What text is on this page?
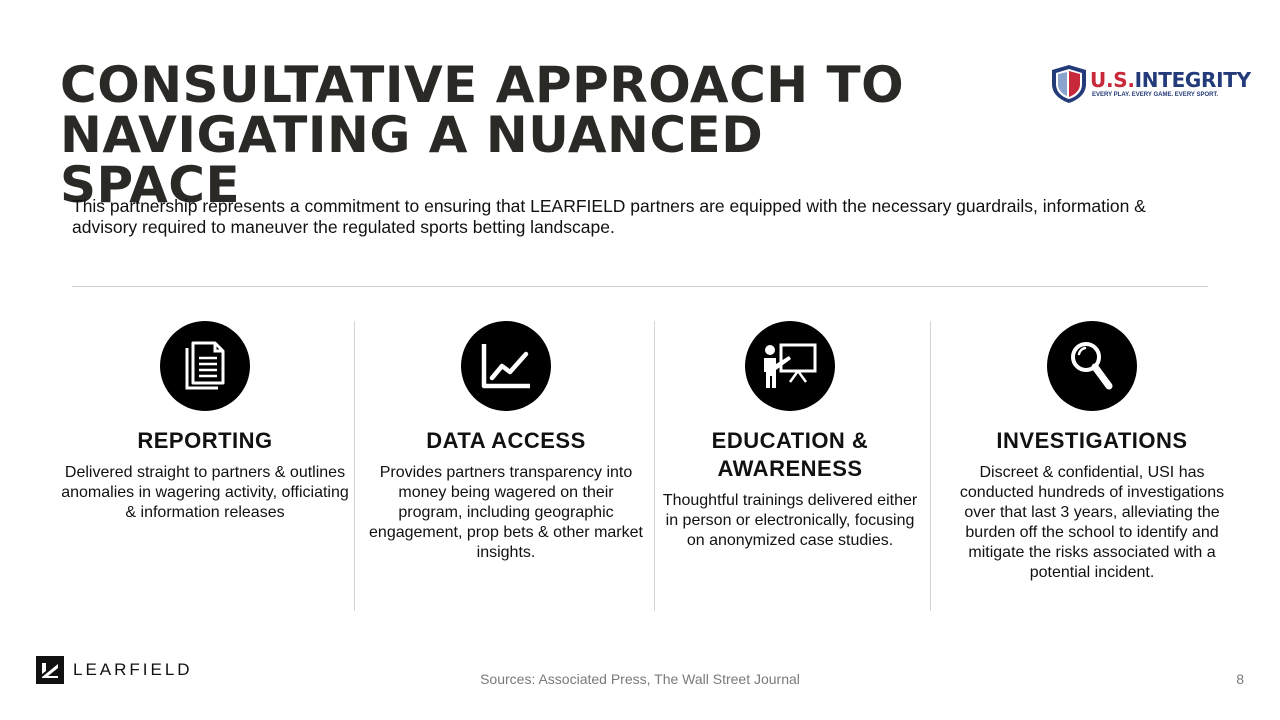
CONSULTATIVE APPROACH TO
NAVIGATING A NUANCED SPACE
U.S.INTEGRITY
EVERY PLAY. EVERY GAME. EVERY SPORT.

This partnership represents a commitment to ensuring that LEARFIELD partners are equipped with the necessary guardrails, information & advisory required to maneuver the regulated sports betting landscape.

REPORTING

Delivered straight to partners & outlines anomalies in wagering activity, officiating & information releases

DATA ACCESS

Provides partners transparency into money being wagered on their program, including geographic engagement, prop bets & other market insights.

EDUCATION &
AWARENESS

Thoughtful trainings delivered either in person or electronically, focusing on anonymized case studies.

INVESTIGATIONS

Discreet & confidential, USI has conducted hundreds of investigations over that last 3 years, alleviating the burden off the school to identify and mitigate the risks associated with a potential incident.

LEARFIELD	Sources: Associated Press, The Wall Street Journal	8
